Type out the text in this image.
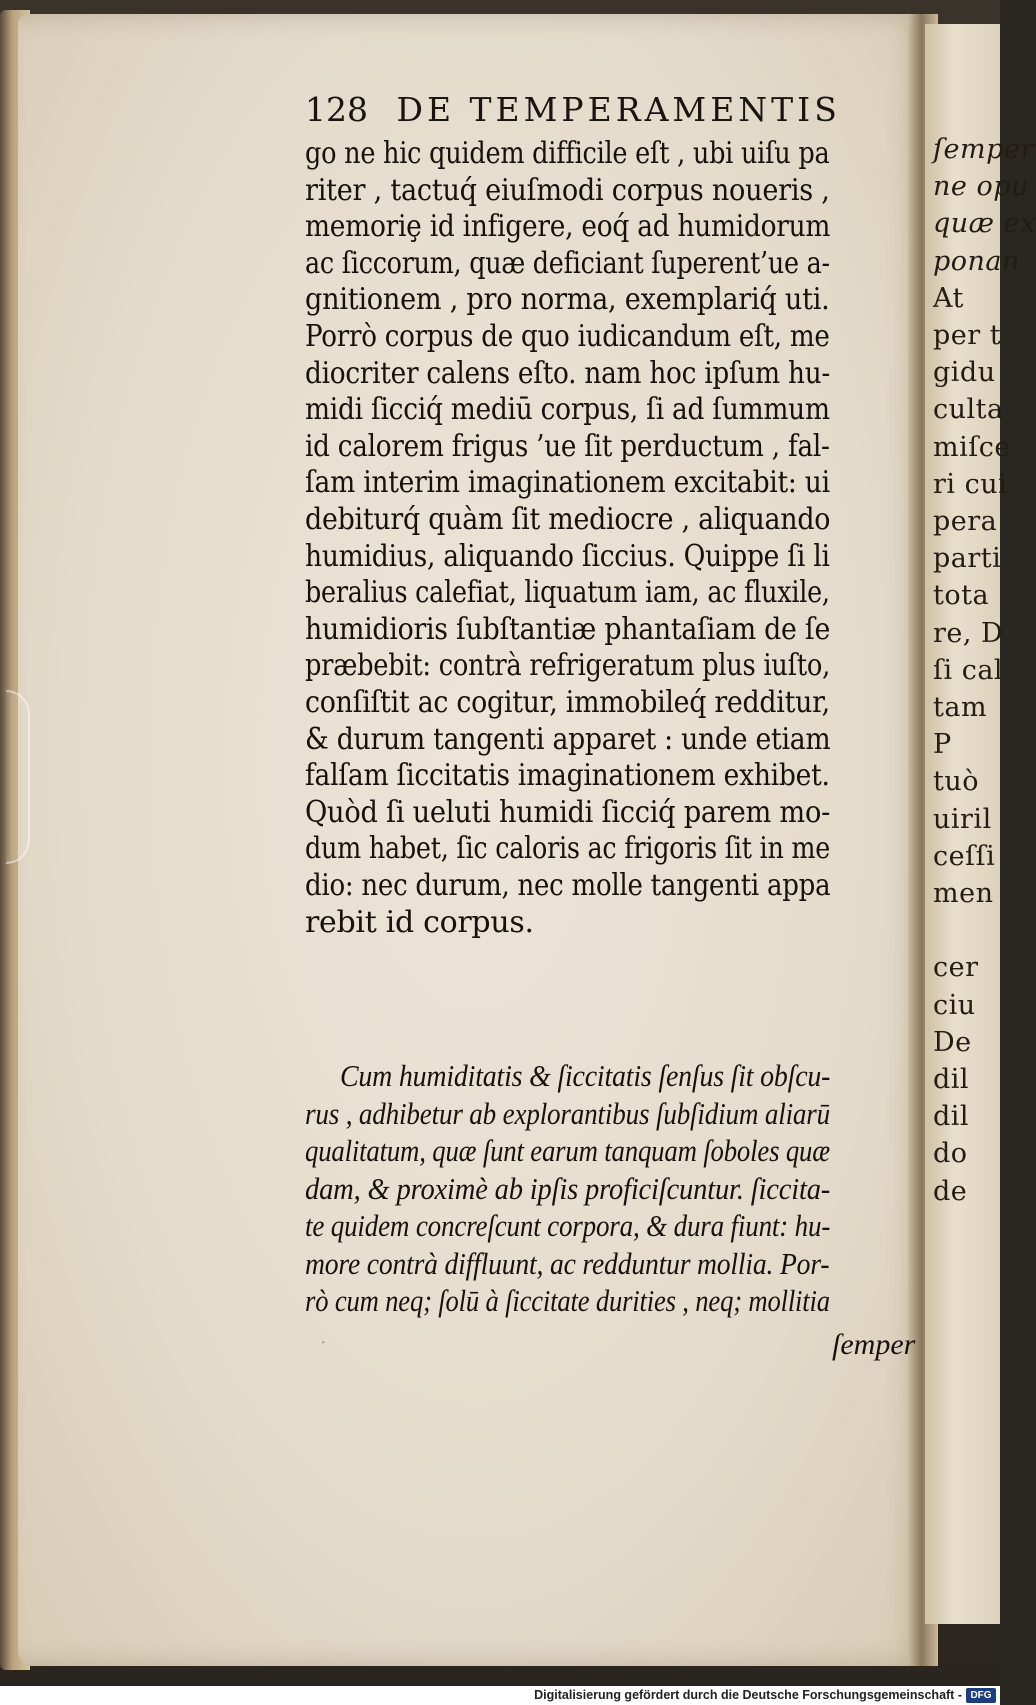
ſemper
ne opu
quæ ex
ponan
At
per t
gidu
culta
miſce
ri cui
pera
parti
tota
re, D
ſi cal
tam
P
tuò
uiril
ceſſi
men
cer
ciu
De
dil
dil
do
de
128 DE TEMPERAMENTIS
go ne hic quidem difficile eſt , ubi uiſu pa
riter , tactuq́ eiuſmodi corpus noueris ,
memoriȩ id infigere, eoq́ ad humidorum
ac ſiccorum, quæ deficiant ſuperent’ue a-
gnitionem , pro norma, exemplariq́ uti.
Porrò corpus de quo iudicandum eſt, me
diocriter calens eſto. nam hoc ipſum hu-
midi ſicciq́ mediū corpus, ſi ad ſummum
id calorem frigus ’ue ſit perductum , fal-
ſam interim imaginationem excitabit: ui
debiturq́ quàm ſit mediocre , aliquando
humidius, aliquando ſiccius. Quippe ſi li
beralius calefiat, liquatum iam, ac fluxile,
humidioris ſubſtantiæ phantaſiam de ſe
præbebit: contrà refrigeratum plus iuſto,
conſiſtit ac cogitur, immobileq́ redditur,
& durum tangenti apparet : unde etiam
falſam ſiccitatis imaginationem exhibet.
Quòd ſi ueluti humidi ſicciq́ parem mo-
dum habet, ſic caloris ac frigoris ſit in me
dio: nec durum, nec molle tangenti appa
rebit id corpus.
Cum humiditatis & ſiccitatis ſenſus ſit obſcu-
rus , adhibetur ab explorantibus ſubſidium aliarū
qualitatum, quæ ſunt earum tanquam ſoboles quæ
dam, & proximè ab ipſis proficiſcuntur. ſiccita-
te quidem concreſcunt corpora, & dura fiunt: hu-
more contrà diffluunt, ac redduntur mollia. Por-
rò cum neq; ſolū à ſiccitate durities , neq; mollitia
·	ſemper
Digitalisierung gefördert durch die Deutsche Forschungsgemeinschaft - DFG
